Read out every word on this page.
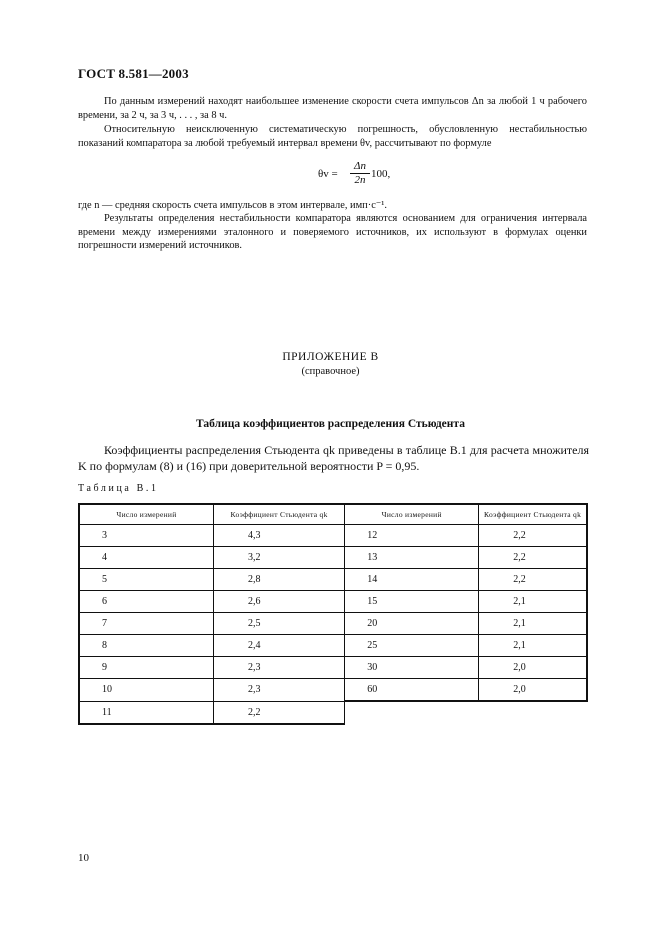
ГОСТ 8.581—2003
По данным измерений находят наибольшее изменение скорости счета импульсов Δn за любой 1 ч рабочего времени, за 2 ч, за 3 ч, . . . , за 8 ч.
Относительную неисключенную систематическую погрешность, обусловленную нестабильностью показаний компаратора за любой требуемый интервал времени θv, рассчитывают по формуле
$\theta v = \frac{\Delta n}{2n} 100$,
где n — средняя скорость счета импульсов в этом интервале, имп·c⁻¹.
Результаты определения нестабильности компаратора являются основанием для ограничения интервала времени между измерениями эталонного и поверяемого источников, их используют в формулах оценки погрешности измерений источников.
ПРИЛОЖЕНИЕ В
(справочное)
Таблица коэффициентов распределения Стьюдента
Коэффициенты распределения Стьюдента qk приведены в таблице В.1 для расчета множителя K по формулам (8) и (16) при доверительной вероятности P = 0,95.
Таблица В.1
Число измерений	Коэффициент Стьюдента qk	Число измерений	Коэффициент Стьюдента qk
3	4,3	12	2,2
4	3,2	13	2,2
5	2,8	14	2,2
6	2,6	15	2,1
7	2,5	20	2,1
8	2,4	25	2,1
9	2,3	30	2,0
10	2,3	60	2,0
11	2,2		
10
